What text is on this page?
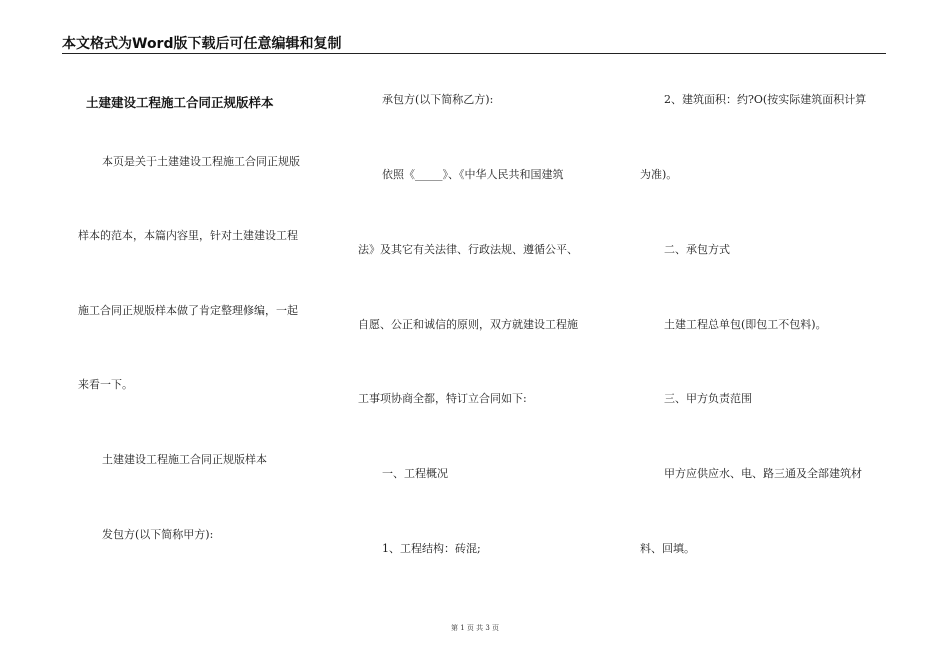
本文格式为Word版下载后可任意编辑和复制
土建建设工程施工合同正规版样本
本页是关于土建建设工程施工合同正规版
样本的范本，本篇内容里，针对土建建设工程
施工合同正规版样本做了肯定整理修编，一起
来看一下。
土建建设工程施工合同正规版样本
发包方(以下简称甲方):
承包方(以下简称乙方):
依照《_____》、《中华人民共和国建筑
法》及其它有关法律、行政法规、遵循公平、
自愿、公正和诚信的原则，双方就建设工程施
工事项协商全都，特订立合同如下:
一、工程概况
1、工程结构：砖混;
2、建筑面积：约?O(按实际建筑面积计算
为准)。
二、承包方式
土建工程总单包(即包工不包料)。
三、甲方负责范围
甲方应供应水、电、路三通及全部建筑材
料、回填。
第 1 页 共 3 页
